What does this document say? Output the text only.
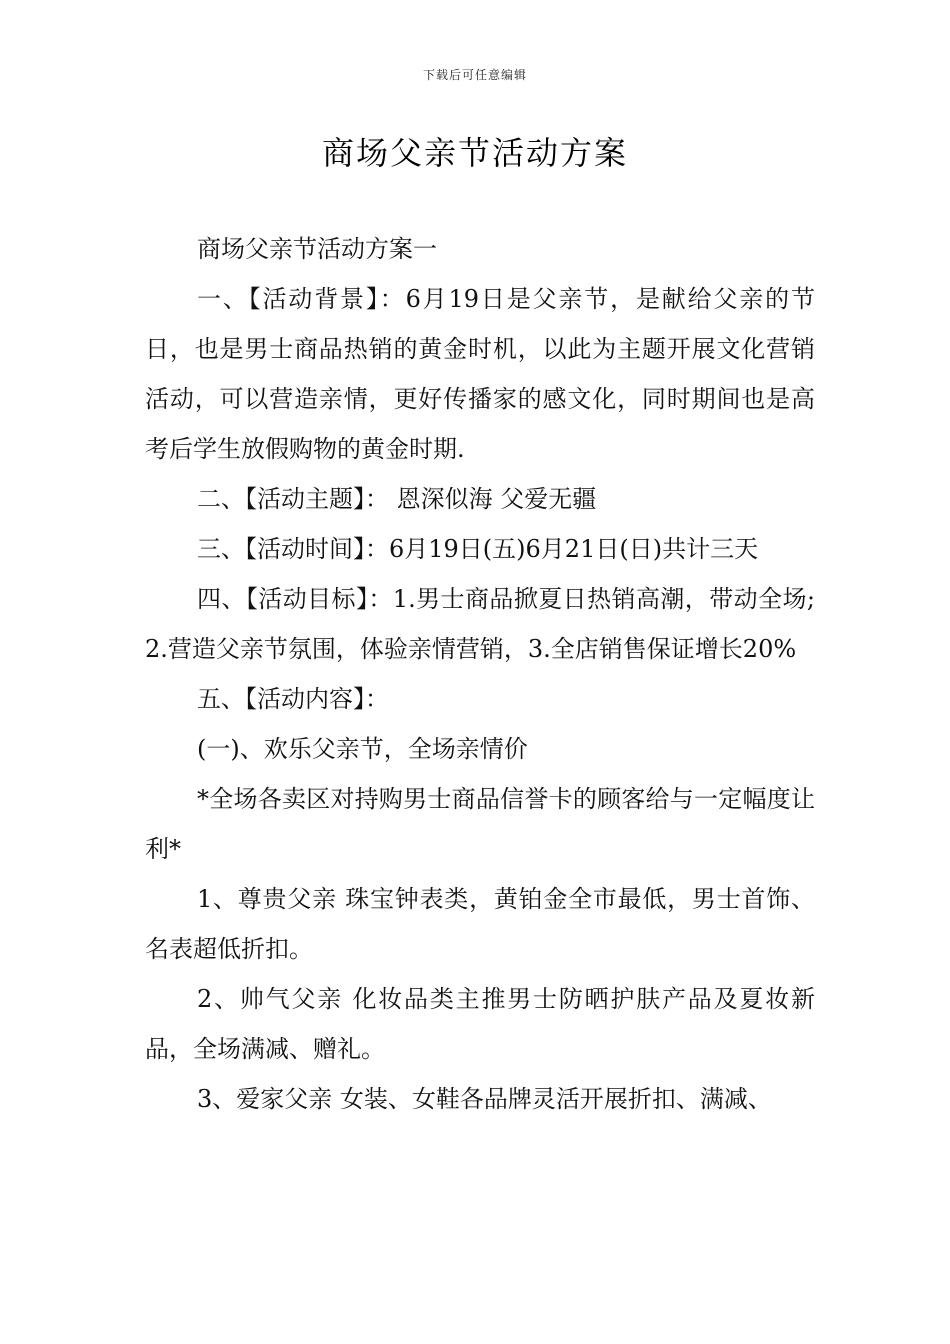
下载后可任意编辑
商场父亲节活动方案

商场父亲节活动方案一

一、【活动背景】：6月19日是父亲节，是献给父亲的节日，也是男士商品热销的黄金时机，以此为主题开展文化营销活动，可以营造亲情，更好传播家的感文化，同时期间也是高考后学生放假购物的黄金时期.

二、【活动主题】： 恩深似海 父爱无疆

三、【活动时间】：6月19日(五)6月21日(日)共计三天

四、【活动目标】：1.男士商品掀夏日热销高潮，带动全场;2.营造父亲节氛围，体验亲情营销，3.全店销售保证增长20%

五、【活动内容】：

(一)、欢乐父亲节，全场亲情价

*全场各卖区对持购男士商品信誉卡的顾客给与一定幅度让利*

1、尊贵父亲 珠宝钟表类，黄铂金全市最低，男士首饰、名表超低折扣。

2、帅气父亲 化妆品类主推男士防晒护肤产品及夏妆新品，全场满减、赠礼。

3、爱家父亲 女装、女鞋各品牌灵活开展折扣、满减、
